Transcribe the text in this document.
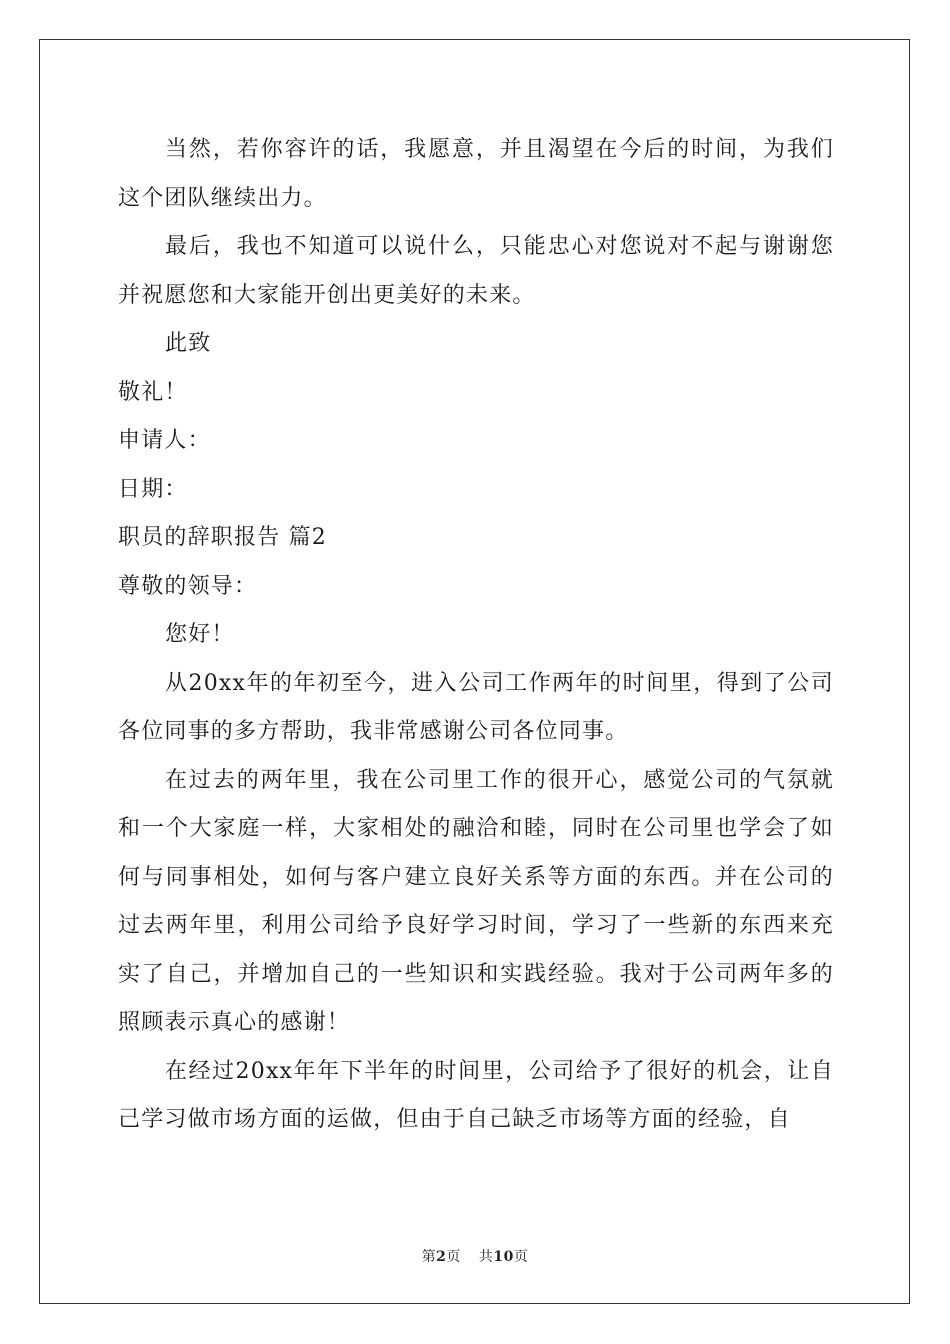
当然，若你容许的话，我愿意，并且渴望在今后的时间，为我们这个团队继续出力。

最后，我也不知道可以说什么，只能忠心对您说对不起与谢谢您并祝愿您和大家能开创出更美好的未来。

此致

敬礼！

申请人：

日期：

职员的辞职报告 篇2

尊敬的领导：

您好！

从20xx年的年初至今，进入公司工作两年的时间里，得到了公司各位同事的多方帮助，我非常感谢公司各位同事。

在过去的两年里，我在公司里工作的很开心，感觉公司的气氛就和一个大家庭一样，大家相处的融洽和睦，同时在公司里也学会了如何与同事相处，如何与客户建立良好关系等方面的东西。并在公司的过去两年里，利用公司给予良好学习时间，学习了一些新的东西来充实了自己，并增加自己的一些知识和实践经验。我对于公司两年多的照顾表示真心的感谢！

在经过20xx年年下半年的时间里，公司给予了很好的机会，让自己学习做市场方面的运做，但由于自己缺乏市场等方面的经验，自

第2页 共10页
